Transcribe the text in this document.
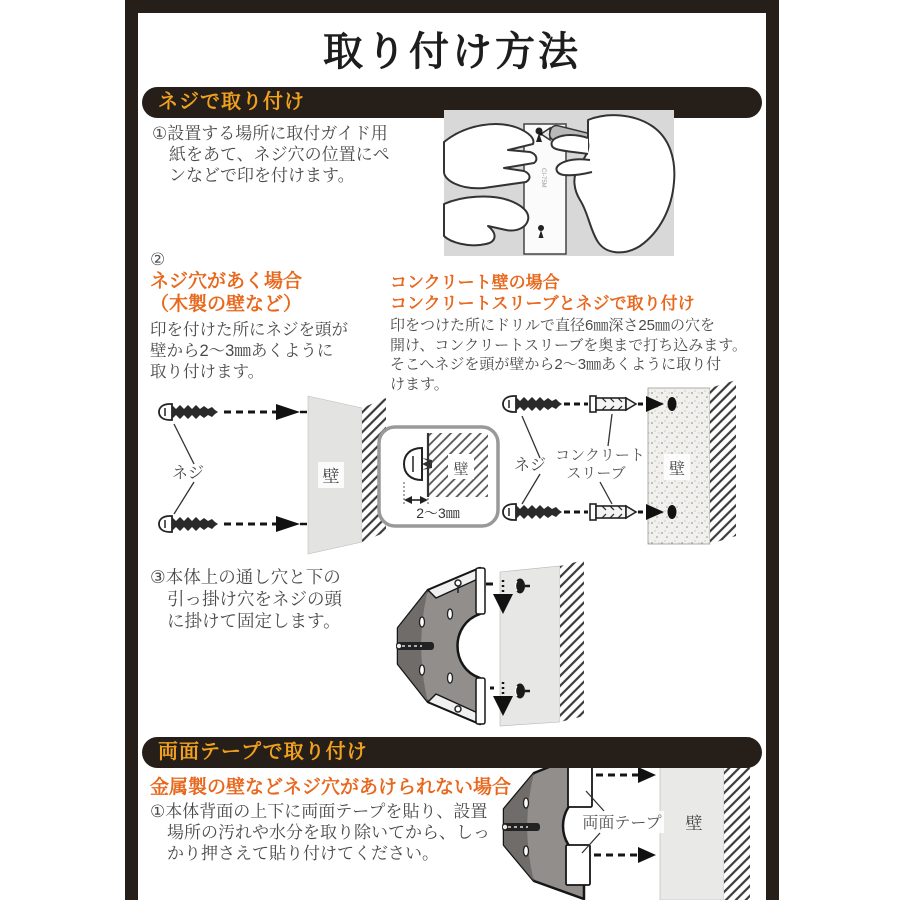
取り付け方法
ネジで取り付け
①設置する場所に取付ガイド用
紙をあて、ネジ穴の位置にペ
ンなどで印を付けます。	CI-75M
②
ネジ穴があく場合
（木製の壁など）
コンクリート壁の場合
コンクリートスリーブとネジで取り付け
印を付けた所にネジを頭が
壁から2～3㎜あくように
取り付けます。
印をつけた所にドリルで直径6㎜深さ25㎜の穴を
開け、コンクリートスリーブを奥まで打ち込みます。
そこへネジを頭が壁から2～3㎜あくように取り付
けます。
壁
ネジ	壁
2～3㎜
壁
ネジ
コンクリート
スリーブ
③本体上の通し穴と下の
引っ掛け穴をネジの頭
に掛けて固定します。
両面テープで取り付け
金属製の壁などネジ穴があけられない場合
①本体背面の上下に両面テープを貼り、設置
場所の汚れや水分を取り除いてから、しっ
かり押さえて貼り付けてください。
両面テープ 壁
